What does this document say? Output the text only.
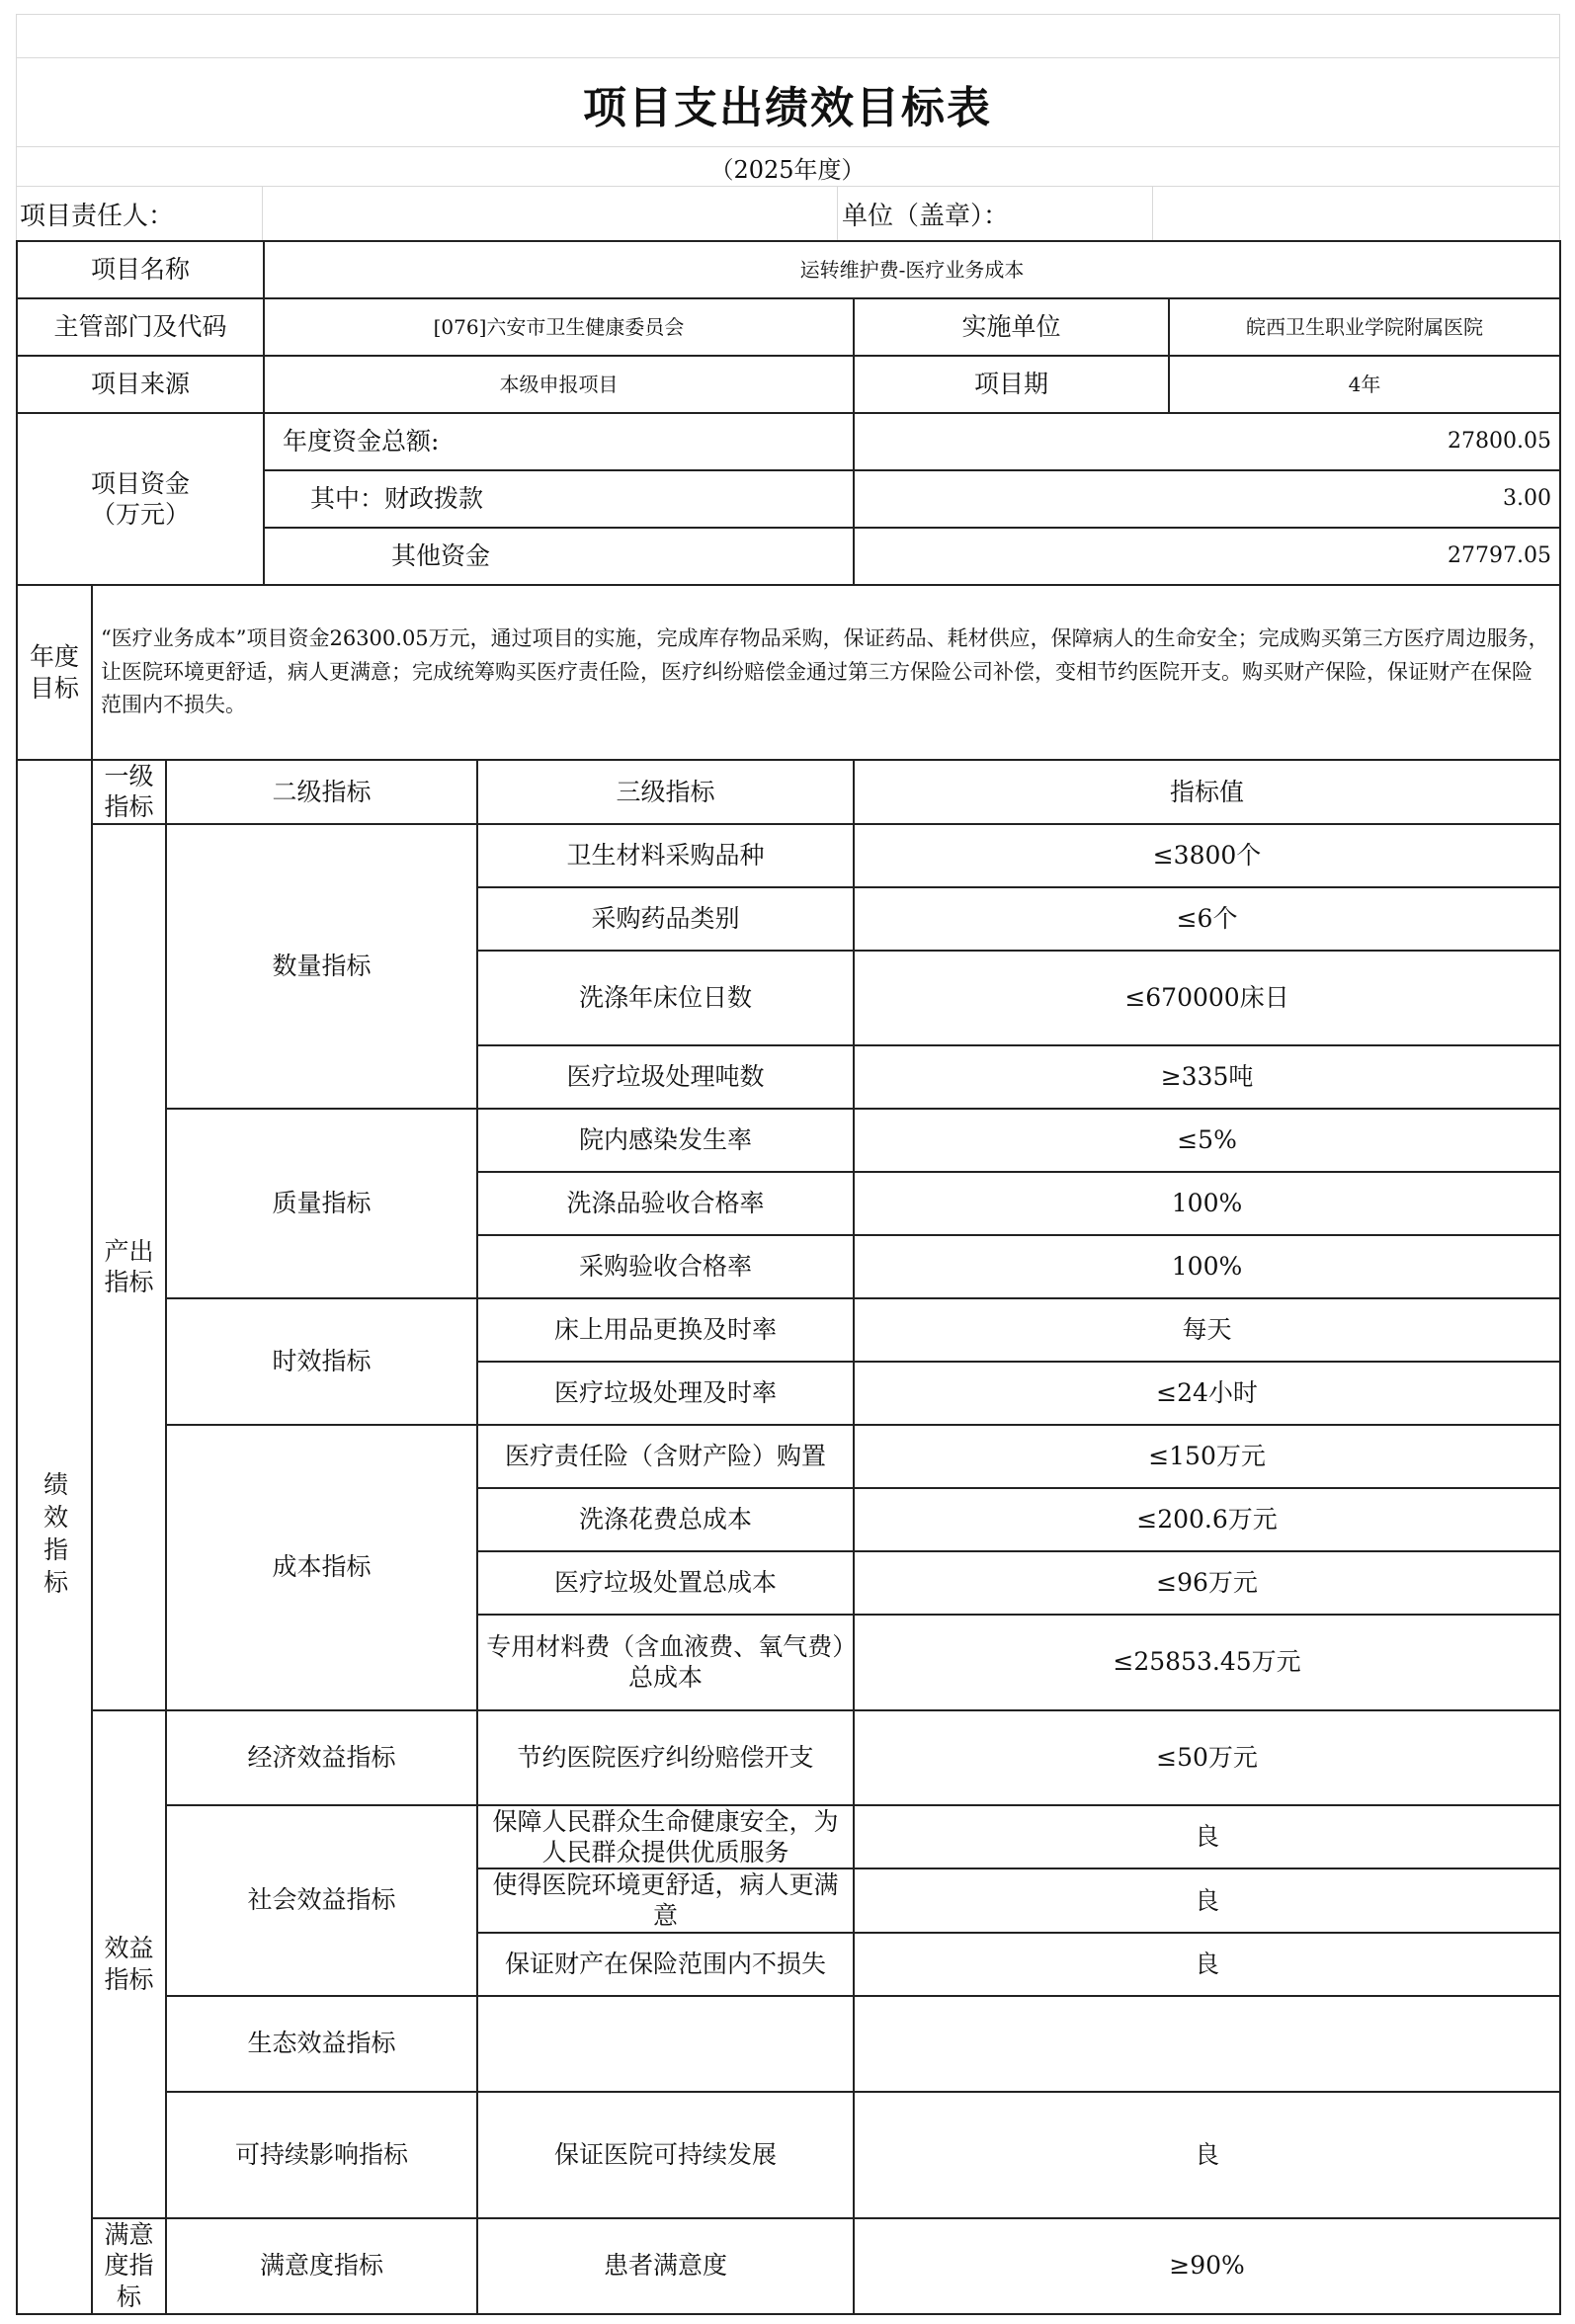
项目支出绩效目标表
（2025年度）
项目责任人：	单位（盖章）：
项目名称			运转维护费-医疗业务成本			
主管部门及代码			[076]六安市卫生健康委员会		实施单位	皖西卫生职业学院附属医院
项目来源			本级申报项目		项目期	4年

项目资金
（万元）			年度资金总额:		27800.05	
			其中：财政拨款		3.00	
			其他资金		27797.05	

年度
目标	“医疗业务成本”项目资金26300.05万元，通过项目的实施，完成库存物品采购，保证药品、耗材供应，保障病人的生命安全；完成购买第三方医疗周边服务，让医院环境更舒适，病人更满意；完成统筹购买医疗责任险，医疗纠纷赔偿金通过第三方保险公司补偿，变相节约医院开支。购买财产保险，保证财产在保险范围内不损失。					
绩效指标	一级指标	二级指标		三级指标	指标值	
	产出指标	数量指标		卫生材料采购品种	≤3800个	
				采购药品类别	≤6个	
				洗涤年床位日数	≤670000床日	
				医疗垃圾处理吨数	≥335吨	
		质量指标		院内感染发生率	≤5%	
				洗涤品验收合格率	100%	
				采购验收合格率	100%	
		时效指标		床上用品更换及时率	每天	
				医疗垃圾处理及时率	≤24小时	
		成本指标		医疗责任险（含财产险）购置	≤150万元	
				洗涤花费总成本	≤200.6万元	
				医疗垃圾处置总成本	≤96万元	
				专用材料费（含血液费、氧气费）总成本	≤25853.45万元	
	效益指标	经济效益指标		节约医院医疗纠纷赔偿开支	≤50万元	
		社会效益指标		保障人民群众生命健康安全，为人民群众提供优质服务	良	
				使得医院环境更舒适，病人更满意	良	
				保证财产在保险范围内不损失	良	
		生态效益指标				
		可持续影响指标		保证医院可持续发展	良	
	满意度指标	满意度指标		患者满意度	≥90%	
